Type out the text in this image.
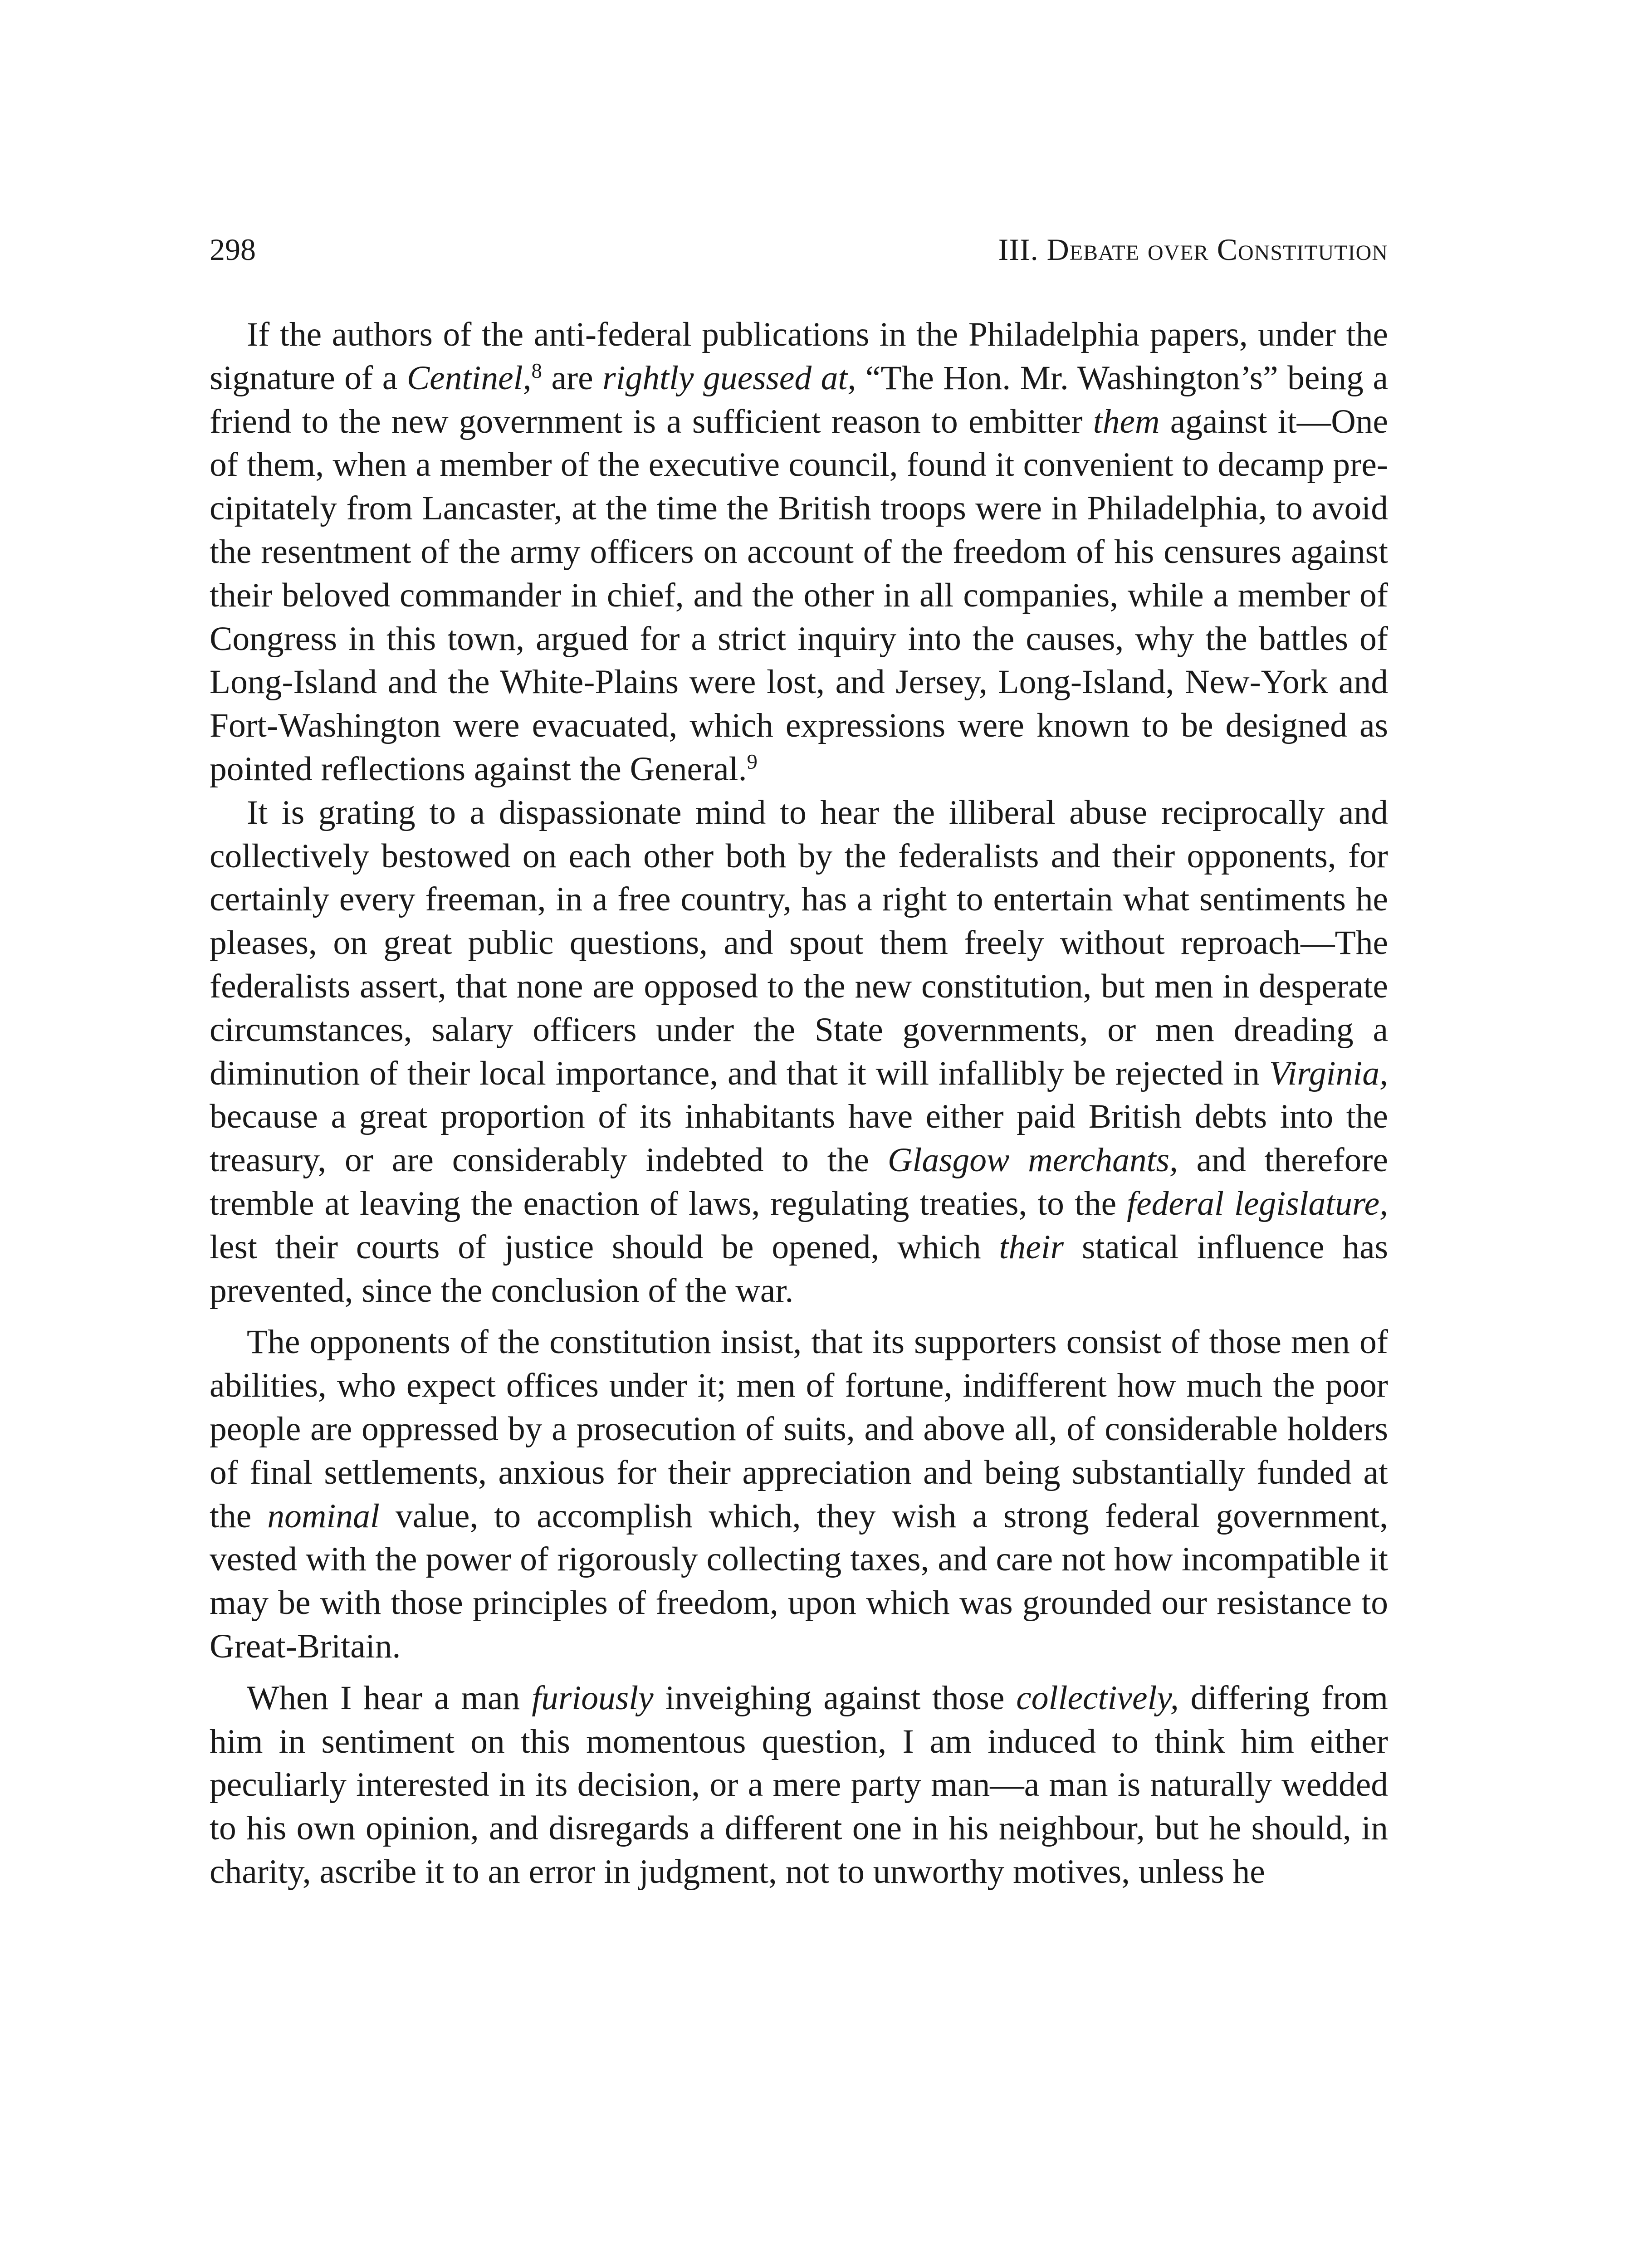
298	III. Debate over Constitution

If the authors of the anti-federal publications in the Philadelphia papers, under the signature of a Centinel,$^8$ are rightly guessed at, “The Hon. Mr. Washington’s” being a friend to the new government is a sufficient reason to embitter them against it—One of them, when a member of the executive council, found it convenient to decamp precipitately from Lancaster, at the time the British troops were in Philadelphia, to avoid the resentment of the army officers on account of the freedom of his censures against their beloved commander in chief, and the other in all companies, while a member of Congress in this town, argued for a strict inquiry into the causes, why the battles of Long-Island and the White-Plains were lost, and Jersey, Long-Island, New-York and Fort-Washington were evacuated, which expressions were known to be designed as pointed reflections against the General.$^9$

It is grating to a dispassionate mind to hear the illiberal abuse reciprocally and collectively bestowed on each other both by the federalists and their opponents, for certainly every freeman, in a free country, has a right to entertain what sentiments he pleases, on great public questions, and spout them freely without reproach—The federalists assert, that none are opposed to the new constitution, but men in desperate circumstances, salary officers under the State governments, or men dreading a diminution of their local importance, and that it will infallibly be rejected in Virginia, because a great proportion of its inhabitants have either paid British debts into the treasury, or are considerably indebted to the Glasgow merchants, and therefore tremble at leaving the enaction of laws, regulating treaties, to the federal legislature, lest their courts of justice should be opened, which their statical influence has prevented, since the conclusion of the war.

The opponents of the constitution insist, that its supporters consist of those men of abilities, who expect offices under it; men of fortune, indifferent how much the poor people are oppressed by a prosecution of suits, and above all, of considerable holders of final settlements, anxious for their appreciation and being substantially funded at the nominal value, to accomplish which, they wish a strong federal government, vested with the power of rigorously collecting taxes, and care not how incompatible it may be with those principles of freedom, upon which was grounded our resistance to Great-Britain.

When I hear a man furiously inveighing against those collectively, differing from him in sentiment on this momentous question, I am induced to think him either peculiarly interested in its decision, or a mere party man—a man is naturally wedded to his own opinion, and disregards a different one in his neighbour, but he should, in charity, ascribe it to an error in judgment, not to unworthy motives, unless he
